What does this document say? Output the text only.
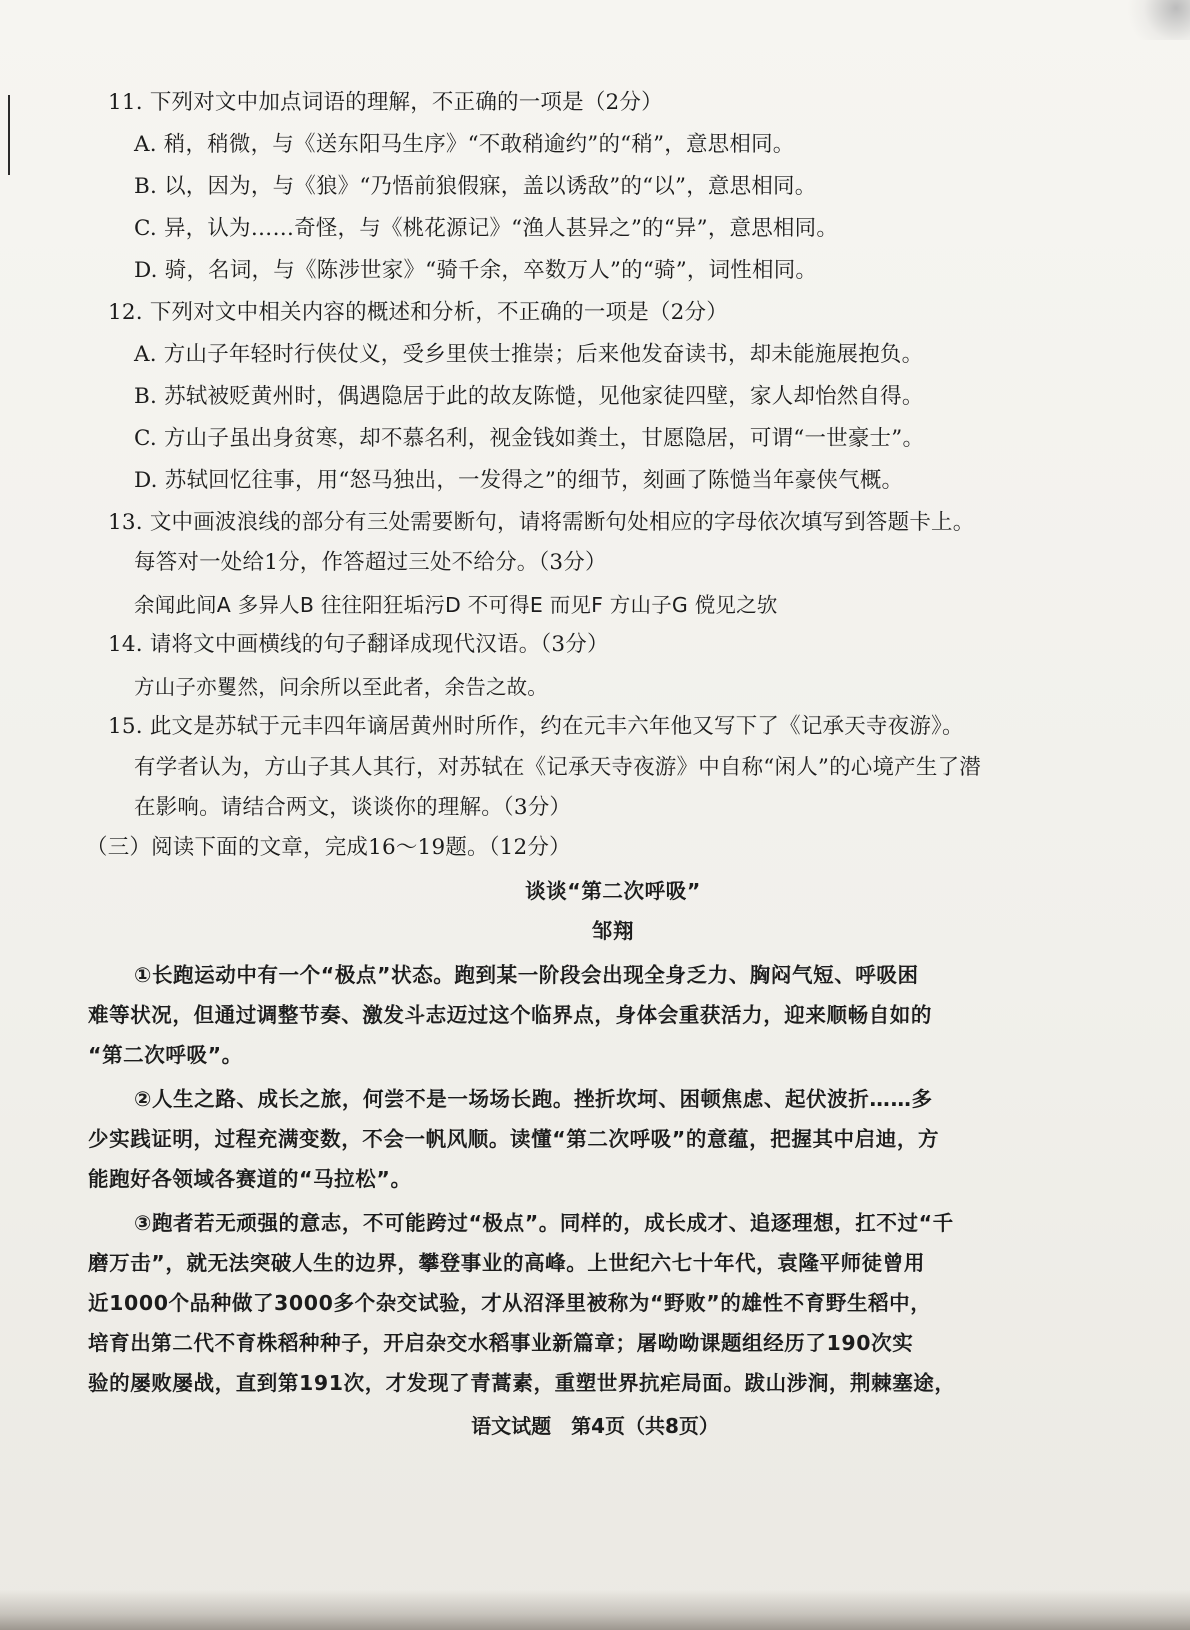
11. 下列对文中加点词语的理解，不正确的一项是（2分）
A. 稍，稍微，与《送东阳马生序》“不敢稍逾约”的“稍”，意思相同。
B. 以，因为，与《狼》“乃悟前狼假寐，盖以诱敌”的“以”，意思相同。
C. 异，认为……奇怪，与《桃花源记》“渔人甚异之”的“异”，意思相同。
D. 骑，名词，与《陈涉世家》“骑千余，卒数万人”的“骑”，词性相同。
12. 下列对文中相关内容的概述和分析，不正确的一项是（2分）
A. 方山子年轻时行侠仗义，受乡里侠士推崇；后来他发奋读书，却未能施展抱负。
B. 苏轼被贬黄州时，偶遇隐居于此的故友陈慥，见他家徒四壁，家人却怡然自得。
C. 方山子虽出身贫寒，却不慕名利，视金钱如粪土，甘愿隐居，可谓“一世豪士”。
D. 苏轼回忆往事，用“怒马独出，一发得之”的细节，刻画了陈慥当年豪侠气概。
13. 文中画波浪线的部分有三处需要断句，请将需断句处相应的字母依次填写到答题卡上。
每答对一处给1分，作答超过三处不给分。（3分）
余闻此间A 多异人B 往往阳狂垢污D 不可得E 而见F 方山子G 傥见之欤
14. 请将文中画横线的句子翻译成现代汉语。（3分）
方山子亦矍然，问余所以至此者，余告之故。
15. 此文是苏轼于元丰四年谪居黄州时所作，约在元丰六年他又写下了《记承天寺夜游》。
有学者认为，方山子其人其行，对苏轼在《记承天寺夜游》中自称“闲人”的心境产生了潜
在影响。请结合两文，谈谈你的理解。（3分）
（三）阅读下面的文章，完成16～19题。（12分）
谈谈“第二次呼吸”
邹翔
①长跑运动中有一个“极点”状态。跑到某一阶段会出现全身乏力、胸闷气短、呼吸困
难等状况，但通过调整节奏、激发斗志迈过这个临界点，身体会重获活力，迎来顺畅自如的
“第二次呼吸”。
②人生之路、成长之旅，何尝不是一场场长跑。挫折坎坷、困顿焦虑、起伏波折……多
少实践证明，过程充满变数，不会一帆风顺。读懂“第二次呼吸”的意蕴，把握其中启迪，方
能跑好各领域各赛道的“马拉松”。
③跑者若无顽强的意志，不可能跨过“极点”。同样的，成长成才、追逐理想，扛不过“千
磨万击”，就无法突破人生的边界，攀登事业的高峰。上世纪六七十年代，袁隆平师徒曾用
近1000个品种做了3000多个杂交试验，才从沼泽里被称为“野败”的雄性不育野生稻中，
培育出第二代不育株稻种种子，开启杂交水稻事业新篇章；屠呦呦课题组经历了190次实
验的屡败屡战，直到第191次，才发现了青蒿素，重塑世界抗疟局面。跋山涉涧，荆棘塞途，
语文试题　第4页（共8页）
